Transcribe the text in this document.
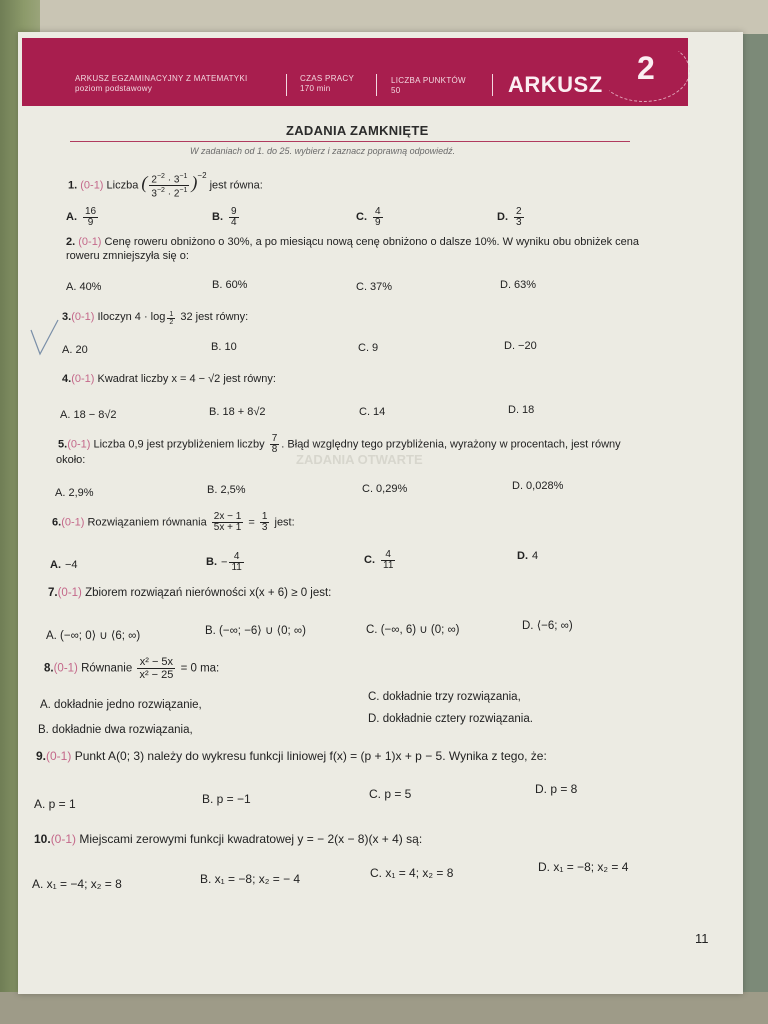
ZADANIA OTWARTE
ARKUSZ EGZAMINACYJNY Z MATEMATYKI
poziom podstawowy
CZAS PRACY
170 min
LICZBA PUNKTÓW
50	ARKUSZ 2
ZADANIA ZAMKNIĘTE
W zadaniach od 1. do 25. wybierz i zaznacz poprawną odpowiedź.
1. (0-1) Liczba ( $\frac{2^{-2} \cdot 3^{-1}}{3^{-2} \cdot 2^{-1}} )^{-2}$ jest równa:
A. $\frac{16}{9}$	B. $\frac{9}{4}$	C. $\frac{4}{9}$	D. $\frac{2}{3}$
2. (0-1) Cenę roweru obniżono o 30%, a po miesiącu nową cenę obniżono o dalsze 10%. W wyniku obu obniżek cena
roweru zmniejszyła się o:
A. 40%	B. 60%	C. 37%	D. 63%
3.(0-1) Iloczyn $4 \cdot \log \frac{1}{2} 32$ jest równy:
A. 20	B. 10	C. 9	D. −20
4.(0-1) Kwadrat liczby x = 4 − √2 jest równy:
A. 18 − 8√2	B. 18 + 8√2	C. 14	D. 18
5.(0-1) Liczba 0,9 jest przybliżeniem liczby $\frac{7}{8}$ . Błąd względny tego przybliżenia, wyrażony w procentach, jest równy
około:
A. 2,9%	B. 2,5%	C. 0,29%	D. 0,028%
6.(0-1) Rozwiązaniem równania $\frac{2x - 1}{5x + 1} = \frac{1}{3}$ jest:
A. −4	B. − $\frac{4}{11}$	C. $\frac{4}{11}$	D. 4
7.(0-1) Zbiorem rozwiązań nierówności x(x + 6) ≥ 0 jest:
A. (−∞; 0⟩ ∪ ⟨6; ∞)	B. (−∞; −6⟩ ∪ ⟨0; ∞)	C. (−∞, 6) ∪ (0; ∞)	D. ⟨−6; ∞)
8.(0-1) Równanie $\frac{\text{x² − 5x}}{\text{x² − 25}} = 0$ ma:
A. dokładnie jedno rozwiązanie,
B. dokładnie dwa rozwiązania,
C. dokładnie trzy rozwiązania,
D. dokładnie cztery rozwiązania.
9.(0-1) Punkt A(0; 3) należy do wykresu funkcji liniowej f(x) = (p + 1)x + p − 5. Wynika z tego, że:
A. p = 1	B. p = −1	C. p = 5	D. p = 8
10.(0-1) Miejscami zerowymi funkcji kwadratowej y = − 2(x − 8)(x + 4) są:
A. x₁ = −4; x₂ = 8	B. x₁ = −8; x₂ = − 4	C. x₁ = 4; x₂ = 8	D. x₁ = −8; x₂ = 4
11
